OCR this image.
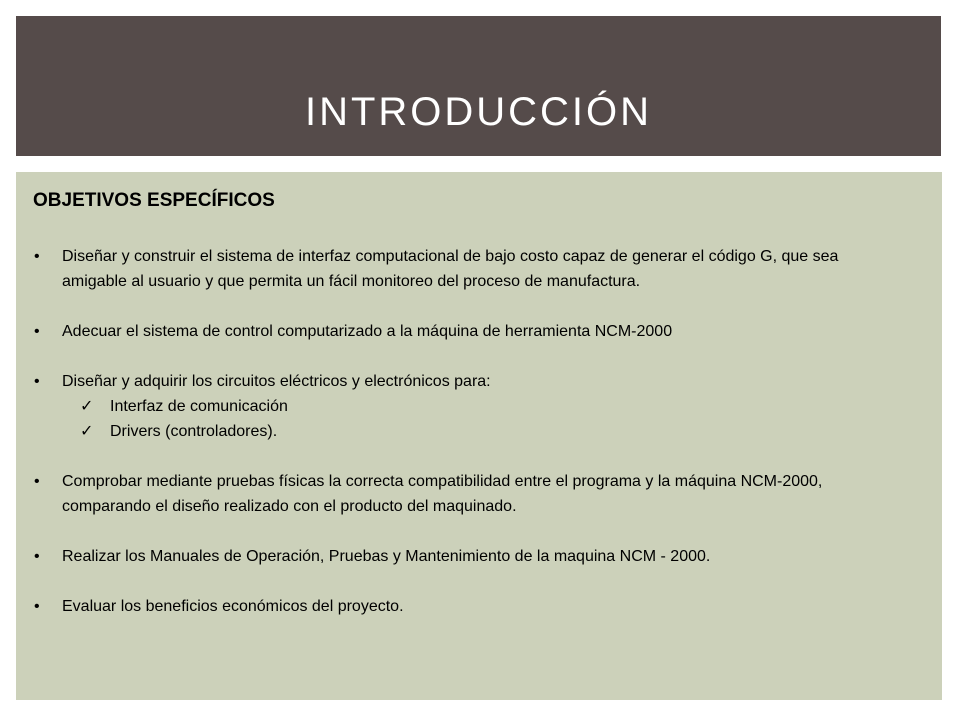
INTRODUCCIÓN
OBJETIVOS ESPECÍFICOS
• Diseñar y construir el sistema de interfaz computacional de bajo costo capaz de generar el código G, que sea amigable al usuario y que permita un fácil monitoreo del proceso de manufactura.
• Adecuar el sistema de control computarizado a la máquina de herramienta NCM-2000
• Diseñar y adquirir los circuitos eléctricos y electrónicos para:
✓ Interfaz de comunicación
✓ Drivers (controladores).
• Comprobar mediante pruebas físicas la correcta compatibilidad entre el programa y la máquina NCM-2000, comparando el diseño realizado con el producto del maquinado.
• Realizar los Manuales de Operación, Pruebas y Mantenimiento de la maquina NCM - 2000.
• Evaluar los beneficios económicos del proyecto.
